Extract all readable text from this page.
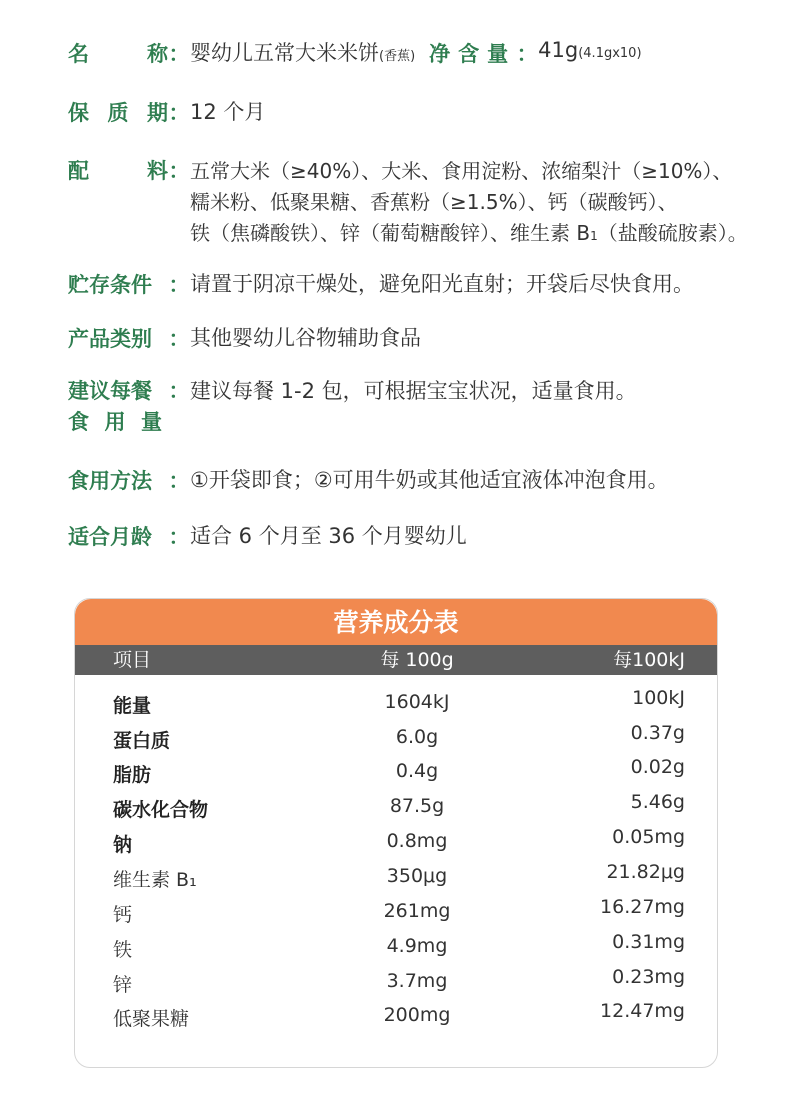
名	称 ： 婴幼儿五常大米米饼(香蕉) 净含量 ： 41g(4.1gx10)
保 质 期 ： 12 个月
配	料 ： 五常大米（≥40%）、大米、食用淀粉、浓缩梨汁（≥10%）、
糯米粉、低聚果糖、香蕉粉（≥1.5%）、钙（碳酸钙）、
铁（焦磷酸铁）、锌（葡萄糖酸锌）、维生素 B1（盐酸硫胺素）。
贮存条件 ： 请置于阴凉干燥处，避免阳光直射；开袋后尽快食用。
产品类别 ： 其他婴幼儿谷物辅助食品
建议每餐
食 用 量
： 建议每餐 1-2 包，可根据宝宝状况，适量食用。
食用方法 ： ①开袋即食；②可用牛奶或其他适宜液体冲泡食用。
适合月龄 ： 适合 6 个月至 36 个月婴幼儿
营养成分表
项目	每 100g	每100kJ
能量	1604kJ	100kJ
蛋白质	6.0g	0.37g
脂肪	0.4g	0.02g
碳水化合物	87.5g	5.46g
钠	0.8mg	0.05mg
维生素 B₁	350μg	21.82μg
钙	261mg	16.27mg
铁	4.9mg	0.31mg
锌	3.7mg	0.23mg
低聚果糖	200mg	12.47mg
